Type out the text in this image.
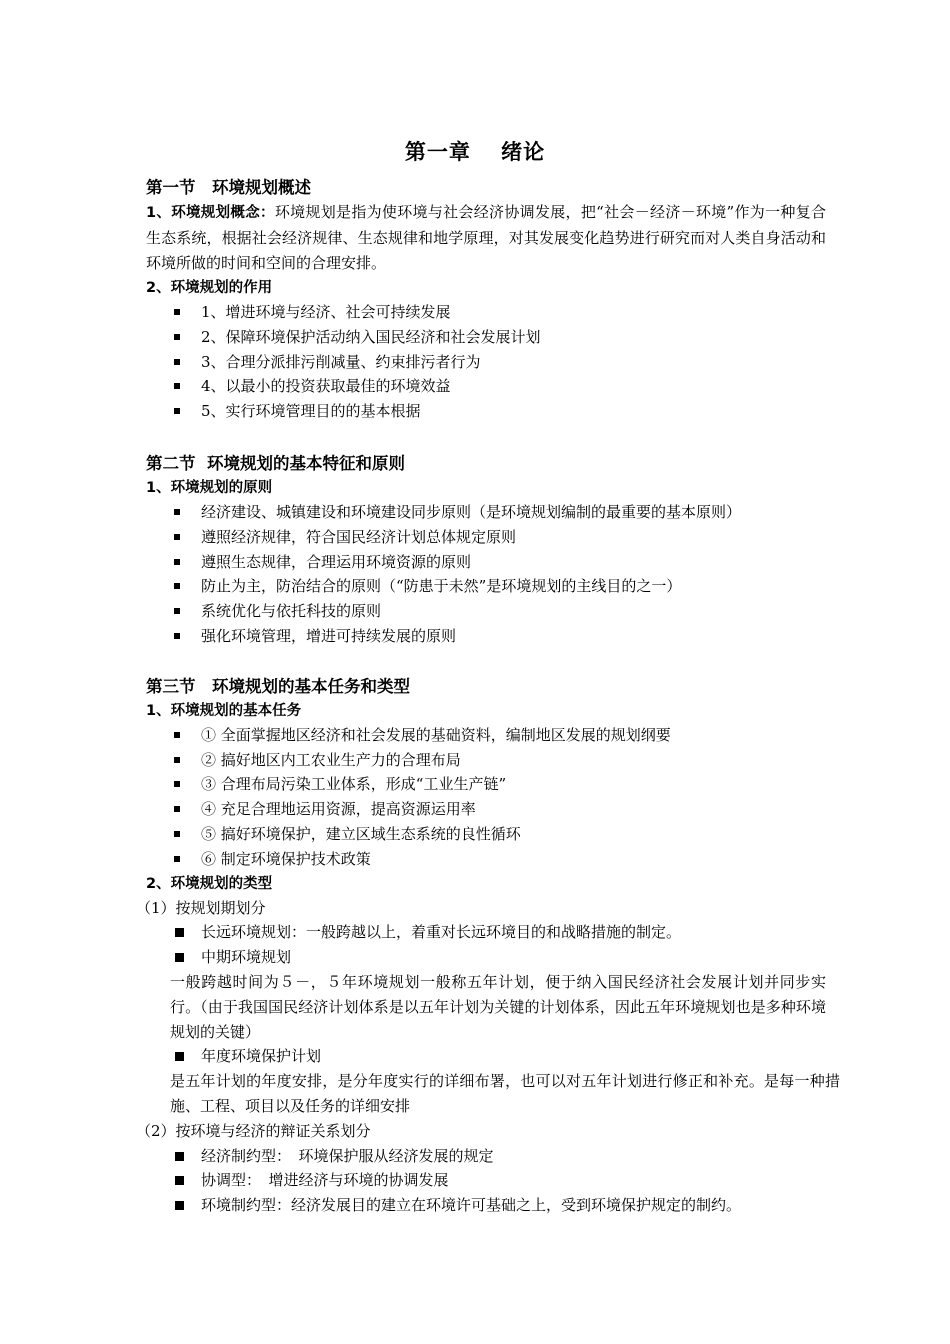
第一章　 绪论
第一节　环境规划概述
1、环境规划概念：环境规划是指为使环境与社会经济协调发展，把“社会－经济－环境”作为一种复合生态系统，根据社会经济规律、生态规律和地学原理，对其发展变化趋势进行研究而对人类自身活动和环境所做的时间和空间的合理安排。
2、环境规划的作用
1、增进环境与经济、社会可持续发展
2、保障环境保护活动纳入国民经济和社会发展计划
3、合理分派排污削减量、约束排污者行为
4、以最小的投资获取最佳的环境效益
5、实行环境管理目的的基本根据
第二节  环境规划的基本特征和原则
1、环境规划的原则
经济建设、城镇建设和环境建设同步原则（是环境规划编制的最重要的基本原则）
遵照经济规律，符合国民经济计划总体规定原则
遵照生态规律，合理运用环境资源的原则
防止为主，防治结合的原则（“防患于未然”是环境规划的主线目的之一）
系统优化与依托科技的原则
强化环境管理，增进可持续发展的原则
第三节　环境规划的基本任务和类型
1、环境规划的基本任务
① 全面掌握地区经济和社会发展的基础资料，编制地区发展的规划纲要
② 搞好地区内工农业生产力的合理布局
③ 合理布局污染工业体系，形成“工业生产链”
④ 充足合理地运用资源，提高资源运用率
⑤ 搞好环境保护，建立区域生态系统的良性循环
⑥ 制定环境保护技术政策
2、环境规划的类型
（1）按规划期划分
长远环境规划：一般跨越以上，着重对长远环境目的和战略措施的制定。
中期环境规划
一般跨越时间为５－，５年环境规划一般称五年计划，便于纳入国民经济社会发展计划并同步实行。（由于我国国民经济计划体系是以五年计划为关键的计划体系，因此五年环境规划也是多种环境规划的关键）
年度环境保护计划
是五年计划的年度安排，是分年度实行的详细布署，也可以对五年计划进行修正和补充。是每一种措施、工程、项目以及任务的详细安排
（2）按环境与经济的辩证关系划分
经济制约型：　环境保护服从经济发展的规定
协调型：　增进经济与环境的协调发展
环境制约型：经济发展目的建立在环境许可基础之上，受到环境保护规定的制约。
